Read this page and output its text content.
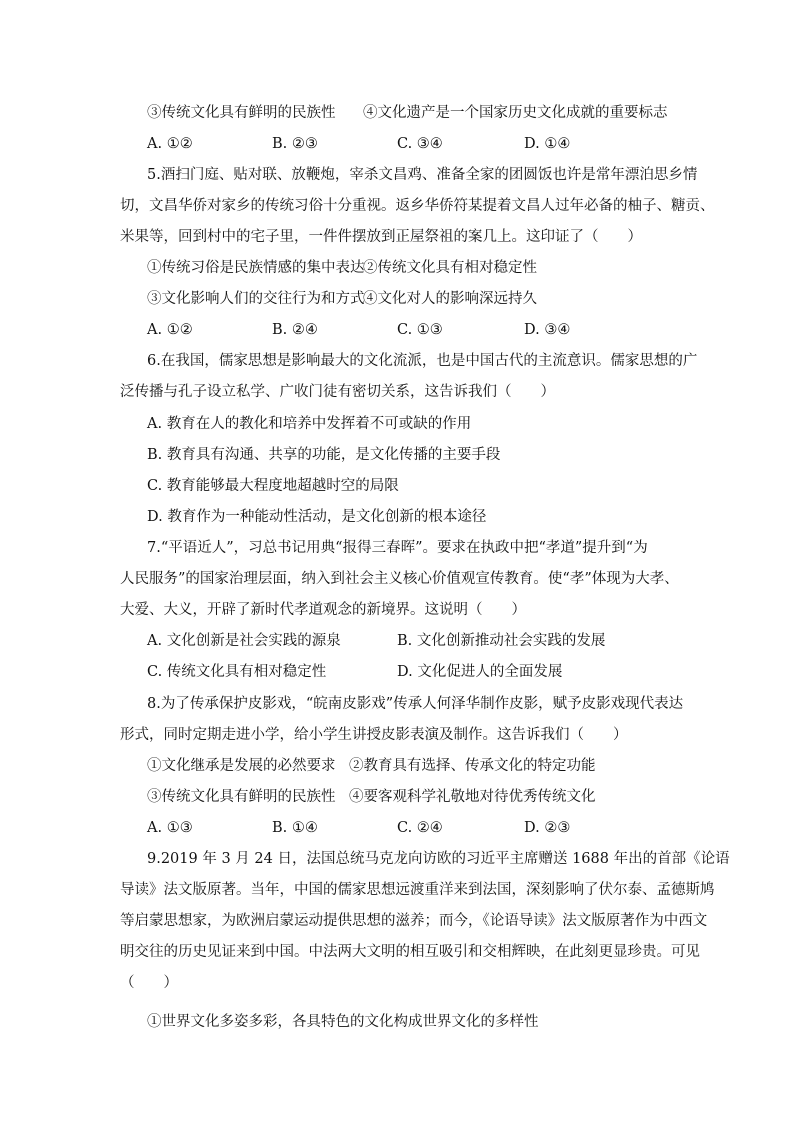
③传统文化具有鲜明的民族性 ④文化遗产是一个国家历史文化成就的重要标志
A. ①②	B. ②③	C. ③④	D. ①④
5.酒扫门庭、贴对联、放鞭炮，宰杀文昌鸡、准备全家的团圆饭也许是常年漂泊思乡情
切，文昌华侨对家乡的传统习俗十分重视。返乡华侨符某提着文昌人过年必备的柚子、糖贡、
米果等，回到村中的宅子里，一件件摆放到正屋祭祖的案几上。这印证了（　　）
①传统习俗是民族情感的集中表达
②传统文化具有相对稳定性
③文化影响人们的交往行为和方式
④文化对人的影响深远持久
A. ①②	B. ②④	C. ①③	D. ③④
6.在我国，儒家思想是影响最大的文化流派，也是中国古代的主流意识。儒家思想的广
泛传播与孔子设立私学、广收门徒有密切关系，这告诉我们（　　）
A. 教育在人的教化和培养中发挥着不可或缺的作用
B. 教育具有沟通、共享的功能，是文化传播的主要手段
C. 教育能够最大程度地超越时空的局限
D. 教育作为一种能动性活动，是文化创新的根本途径
7.“平语近人”，习总书记用典“报得三春晖”。要求在执政中把“孝道”提升到“为
人民服务”的国家治理层面，纳入到社会主义核心价值观宣传教育。使“孝”体现为大孝、
大爱、大义，开辟了新时代孝道观念的新境界。这说明（　　）
A. 文化创新是社会实践的源泉	B. 文化创新推动社会实践的发展
C. 传统文化具有相对稳定性	D. 文化促进人的全面发展
8.为了传承保护皮影戏，“皖南皮影戏”传承人何泽华制作皮影，赋予皮影戏现代表达
形式，同时定期走进小学，给小学生讲授皮影表演及制作。这告诉我们（　　）
①文化继承是发展的必然要求 ②教育具有选择、传承文化的特定功能
③传统文化具有鲜明的民族性 ④要客观科学礼敬地对待优秀传统文化
A. ①③	B. ①④	C. ②④	D. ②③
9.2019 年 3 月 24 日，法国总统马克龙向访欧的习近平主席赠送 1688 年出的首部《论语
导读》法文版原著。当年，中国的儒家思想远渡重洋来到法国，深刻影响了伏尔泰、孟德斯鸠
等启蒙思想家，为欧洲启蒙运动提供思想的滋养；而今，《论语导读》法文版原著作为中西文
明交往的历史见证来到中国。中法两大文明的相互吸引和交相辉映，在此刻更显珍贵。可见
（　　）
①世界文化多姿多彩，各具特色的文化构成世界文化的多样性
